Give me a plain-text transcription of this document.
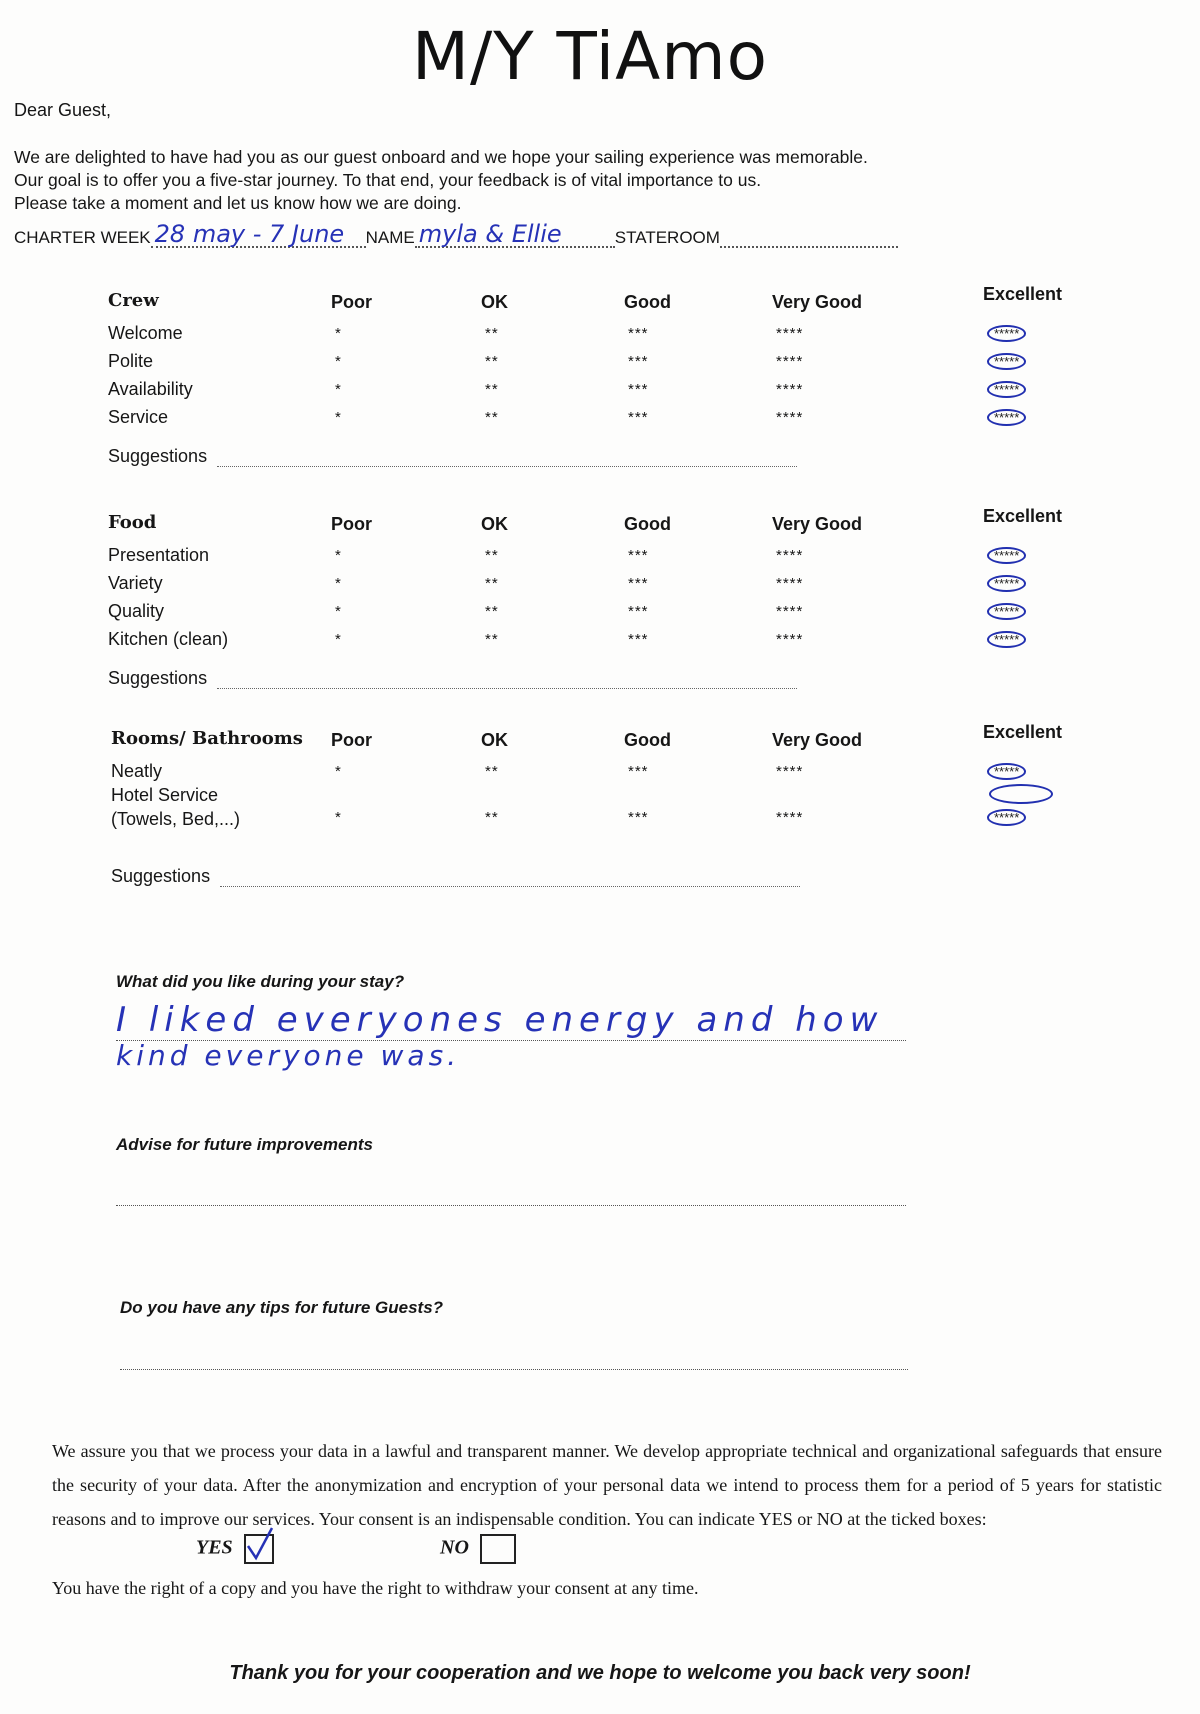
M/Y TiAmo
Dear Guest,
We are delighted to have had you as our guest onboard and we hope your sailing experience was memorable.
Our goal is to offer you a five-star journey. To that end, your feedback is of vital importance to us.
Please take a moment and let us know how we are doing.
CHARTER WEEK 28 may - 7 June NAME myla & Ellie	STATEROOM
Crew	Poor	OK	Good	Very Good	Excellent
Welcome	*	**	***	****	*****
Polite	*	**	***	****	*****
Availability	*	**	***	****	*****
Service	*	**	***	****	*****
Suggestions
Food	Poor	OK	Good	Very Good	Excellent
Presentation	*	**	***	****	*****
Variety	*	**	***	****	*****
Quality	*	**	***	****	*****
Kitchen (clean)	*	**	***	****	*****
Suggestions
Rooms/ Bathrooms Poor	OK	Good	Very Good	Excellent
Neatly	*	**	***	****	*****
Hotel Service
(Towels, Bed,...)	*	**	***	****	*****
Suggestions
What did you like during your stay?
I liked everyones energy and how
kind everyone was.
Advise for future improvements
Do you have any tips for future Guests?
We assure you that we process your data in a lawful and transparent manner. We develop appropriate technical and organizational safeguards that ensure the security of your data. After the anonymization and encryption of your personal data we intend to process them for a period of 5 years for statistic reasons and to improve our services. Your consent is an indispensable condition. You can indicate YES or NO at the ticked boxes:
YES	NO
You have the right of a copy and you have the right to withdraw your consent at any time.
Thank you for your cooperation and we hope to welcome you back very soon!
